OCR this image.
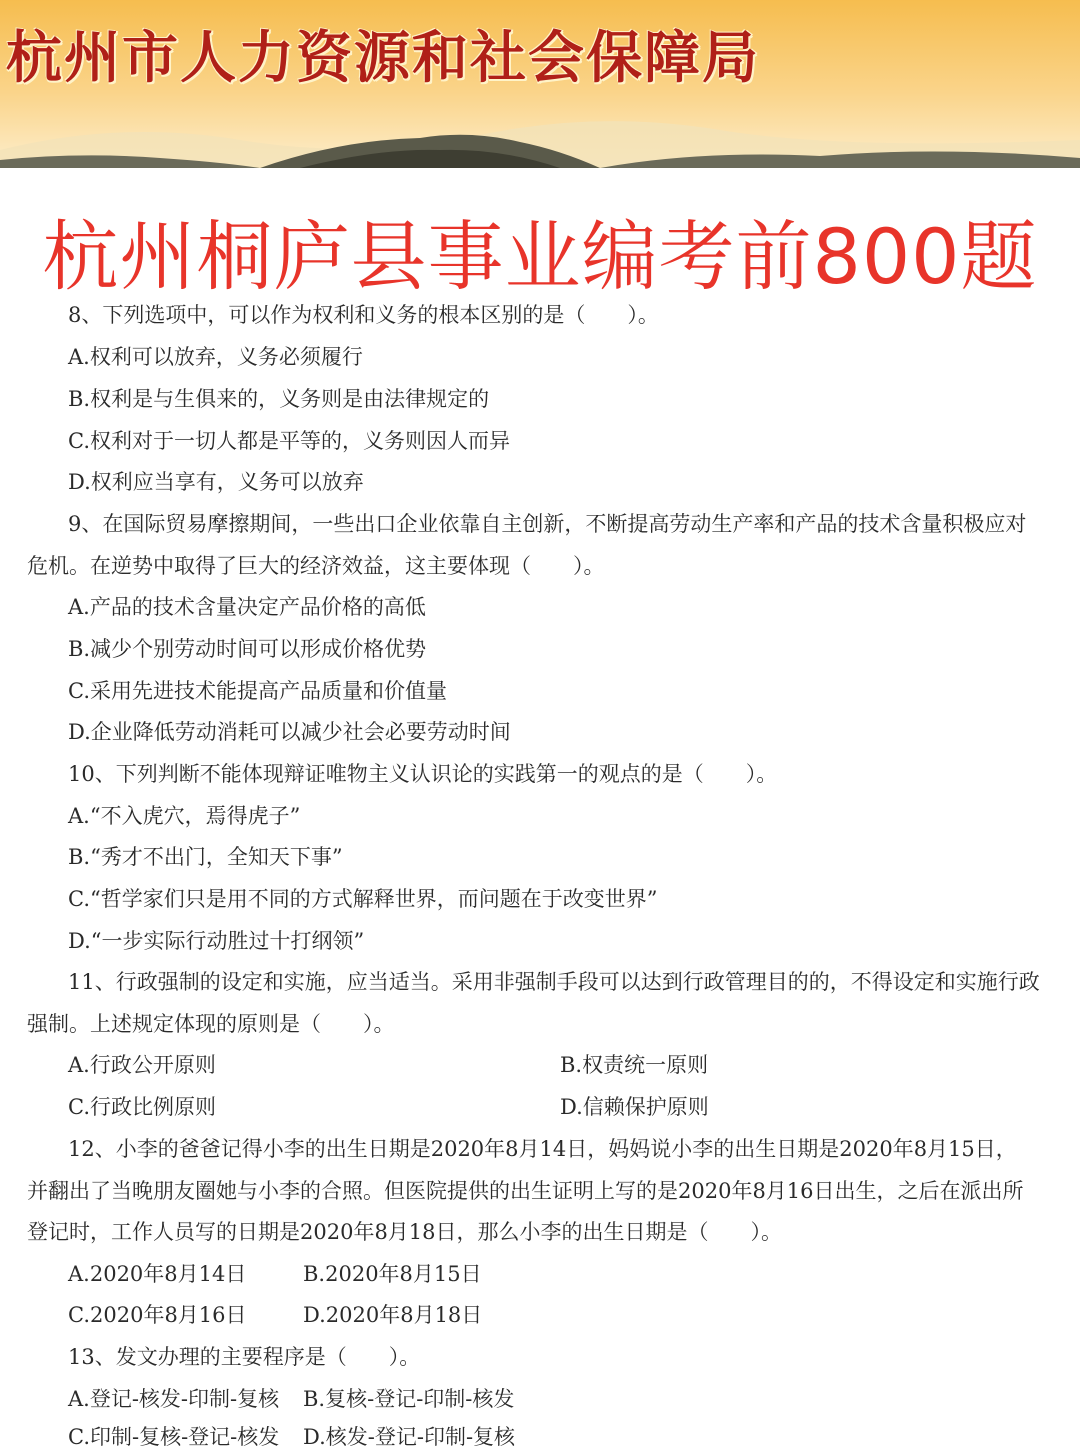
杭州市人力资源和社会保障局
杭州桐庐县事业编考前800题
8、下列选项中，可以作为权利和义务的根本区别的是（　　）。
A.权利可以放弃，义务必须履行
B.权利是与生俱来的，义务则是由法律规定的
C.权利对于一切人都是平等的，义务则因人而异
D.权利应当享有，义务可以放弃
9、在国际贸易摩擦期间，一些出口企业依靠自主创新，不断提高劳动生产率和产品的技术含量积极应对
危机。在逆势中取得了巨大的经济效益，这主要体现（　　）。
A.产品的技术含量决定产品价格的高低
B.减少个别劳动时间可以形成价格优势
C.采用先进技术能提高产品质量和价值量
D.企业降低劳动消耗可以减少社会必要劳动时间
10、下列判断不能体现辩证唯物主义认识论的实践第一的观点的是（　　）。
A.“不入虎穴，焉得虎子”
B.“秀才不出门，全知天下事”
C.“哲学家们只是用不同的方式解释世界，而问题在于改变世界”
D.“一步实际行动胜过十打纲领”
11、行政强制的设定和实施，应当适当。采用非强制手段可以达到行政管理目的的，不得设定和实施行政
强制。上述规定体现的原则是（　　）。
A.行政公开原则	B.权责统一原则
C.行政比例原则	D.信赖保护原则
12、小李的爸爸记得小李的出生日期是2020年8月14日，妈妈说小李的出生日期是2020年8月15日，
并翻出了当晚朋友圈她与小李的合照。但医院提供的出生证明上写的是2020年8月16日出生，之后在派出所
登记时，工作人员写的日期是2020年8月18日，那么小李的出生日期是（　　）。
A.2020年8月14日	B.2020年8月15日
C.2020年8月16日	D.2020年8月18日
13、发文办理的主要程序是（　　）。
A.登记-核发-印制-复核 B.复核-登记-印制-核发
C.印制-复核-登记-核发 D.核发-登记-印制-复核
